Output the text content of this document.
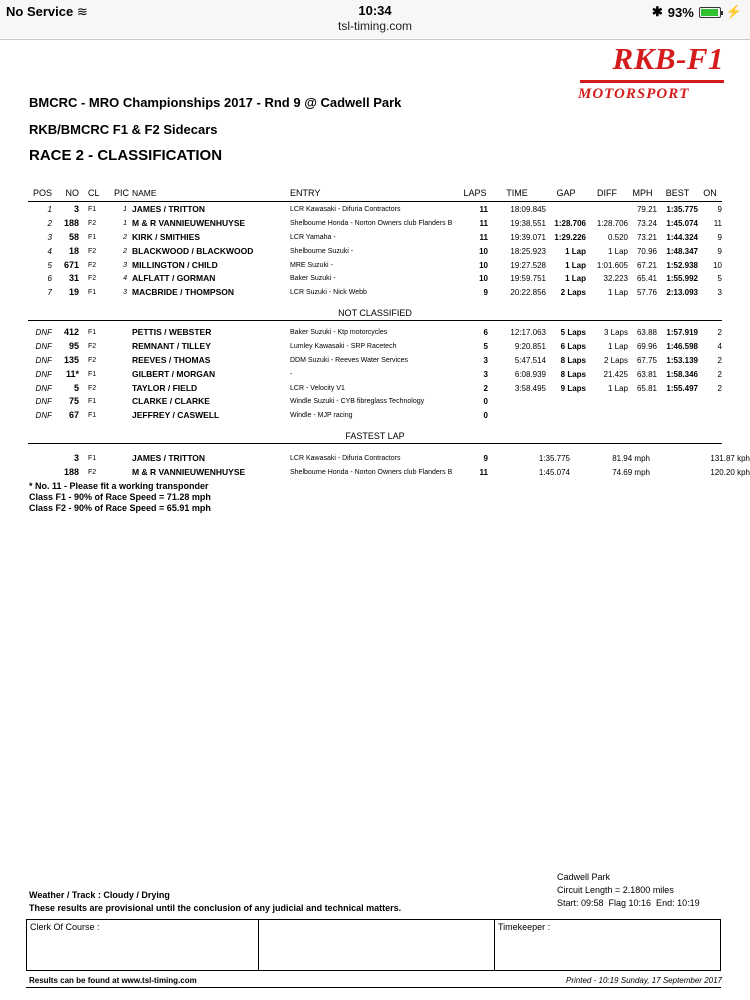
No Service ≋	10:34
tsl-timing.com
✱ 93% ⚡
RKB-F1
MOTORSPORT
BMCRC - MRO Championships 2017 - Rnd 9 @ Cadwell Park
RKB/BMCRC F1 & F2 Sidecars
RACE 2 - CLASSIFICATION
POS	NO	CL	PIC	NAME	ENTRY	LAPS	TIME	GAP	DIFF	MPH	BEST	ON
1	3	F1	1	JAMES / TRITTON	LCR Kawasaki - Difuria Contractors	11	18:09.845			79.21	1:35.775	9
2	188	F2	1	M & R VANNIEUWENHUYSE	Shelbourne Honda - Norton Owners club Flanders B	11	19:38.551	1:28.706	1:28.706	73.24	1:45.074	11
3	58	F1	2	KIRK / SMITHIES	LCR Yamaha -	11	19:39.071	1:29.226	0.520	73.21	1:44.324	9
4	18	F2	2	BLACKWOOD / BLACKWOOD	Shelbourne Suzuki -	10	18:25.923	1 Lap	1 Lap	70.96	1:48.347	9
5	671	F2	3	MILLINGTON / CHILD	MRE Suzuki -	10	19:27.528	1 Lap	1:01.605	67.21	1:52.938	10
6	31	F2	4	ALFLATT / GORMAN	Baker Suzuki -	10	19:59.751	1 Lap	32.223	65.41	1:55.992	5
7	19	F1	3	MACBRIDE / THOMPSON	LCR Suzuki - Nick Webb	9	20:22.856	2 Laps	1 Lap	57.76	2:13.093	3
NOT CLASSIFIED
DNF	412	F1		PETTIS / WEBSTER	Baker Suzuki - Ktp motorcycles	6	12:17.063	5 Laps	3 Laps	63.88	1:57.919	2
DNF	95	F2		REMNANT / TILLEY	Lumley Kawasaki - SRP Racetech	5	9:20.851	6 Laps	1 Lap	69.96	1:46.598	4
DNF	135	F2		REEVES / THOMAS	DDM Suzuki - Reeves Water Services	3	5:47.514	8 Laps	2 Laps	67.75	1:53.139	2
DNF	11*	F1		GILBERT / MORGAN	-	3	6:08.939	8 Laps	21.425	63.81	1:58.346	2
DNF	5	F2		TAYLOR / FIELD	LCR - Velocity V1	2	3:58.495	9 Laps	1 Lap	65.81	1:55.497	2
DNF	75	F1		CLARKE / CLARKE	Windle Suzuki - CYB fibreglass Technology	0						
DNF	67	F1		JEFFREY / CASWELL	Windle - MJP racing	0						
FASTEST LAP
	3	F1		JAMES / TRITTON	LCR Kawasaki - Difuria Contractors	9	1:35.775	81.94 mph	131.87 kph	
	188	F2		M & R VANNIEUWENHUYSE	Shelbourne Honda - Norton Owners club Flanders B	11	1:45.074	74.69 mph	120.20 kph	
* No. 11 - Please fit a working transponder
Class F1 - 90% of Race Speed = 71.28 mph
Class F2 - 90% of Race Speed = 65.91 mph
Cadwell Park
Circuit Length = 2.1800 miles
Start: 09:58  Flag 10:16  End: 10:19
Weather / Track : Cloudy / Drying
These results are provisional until the conclusion of any judicial and technical matters.
Clerk Of Course :	Timekeeper :
Results can be found at www.tsl-timing.com	Printed - 10:19 Sunday, 17 September 2017
